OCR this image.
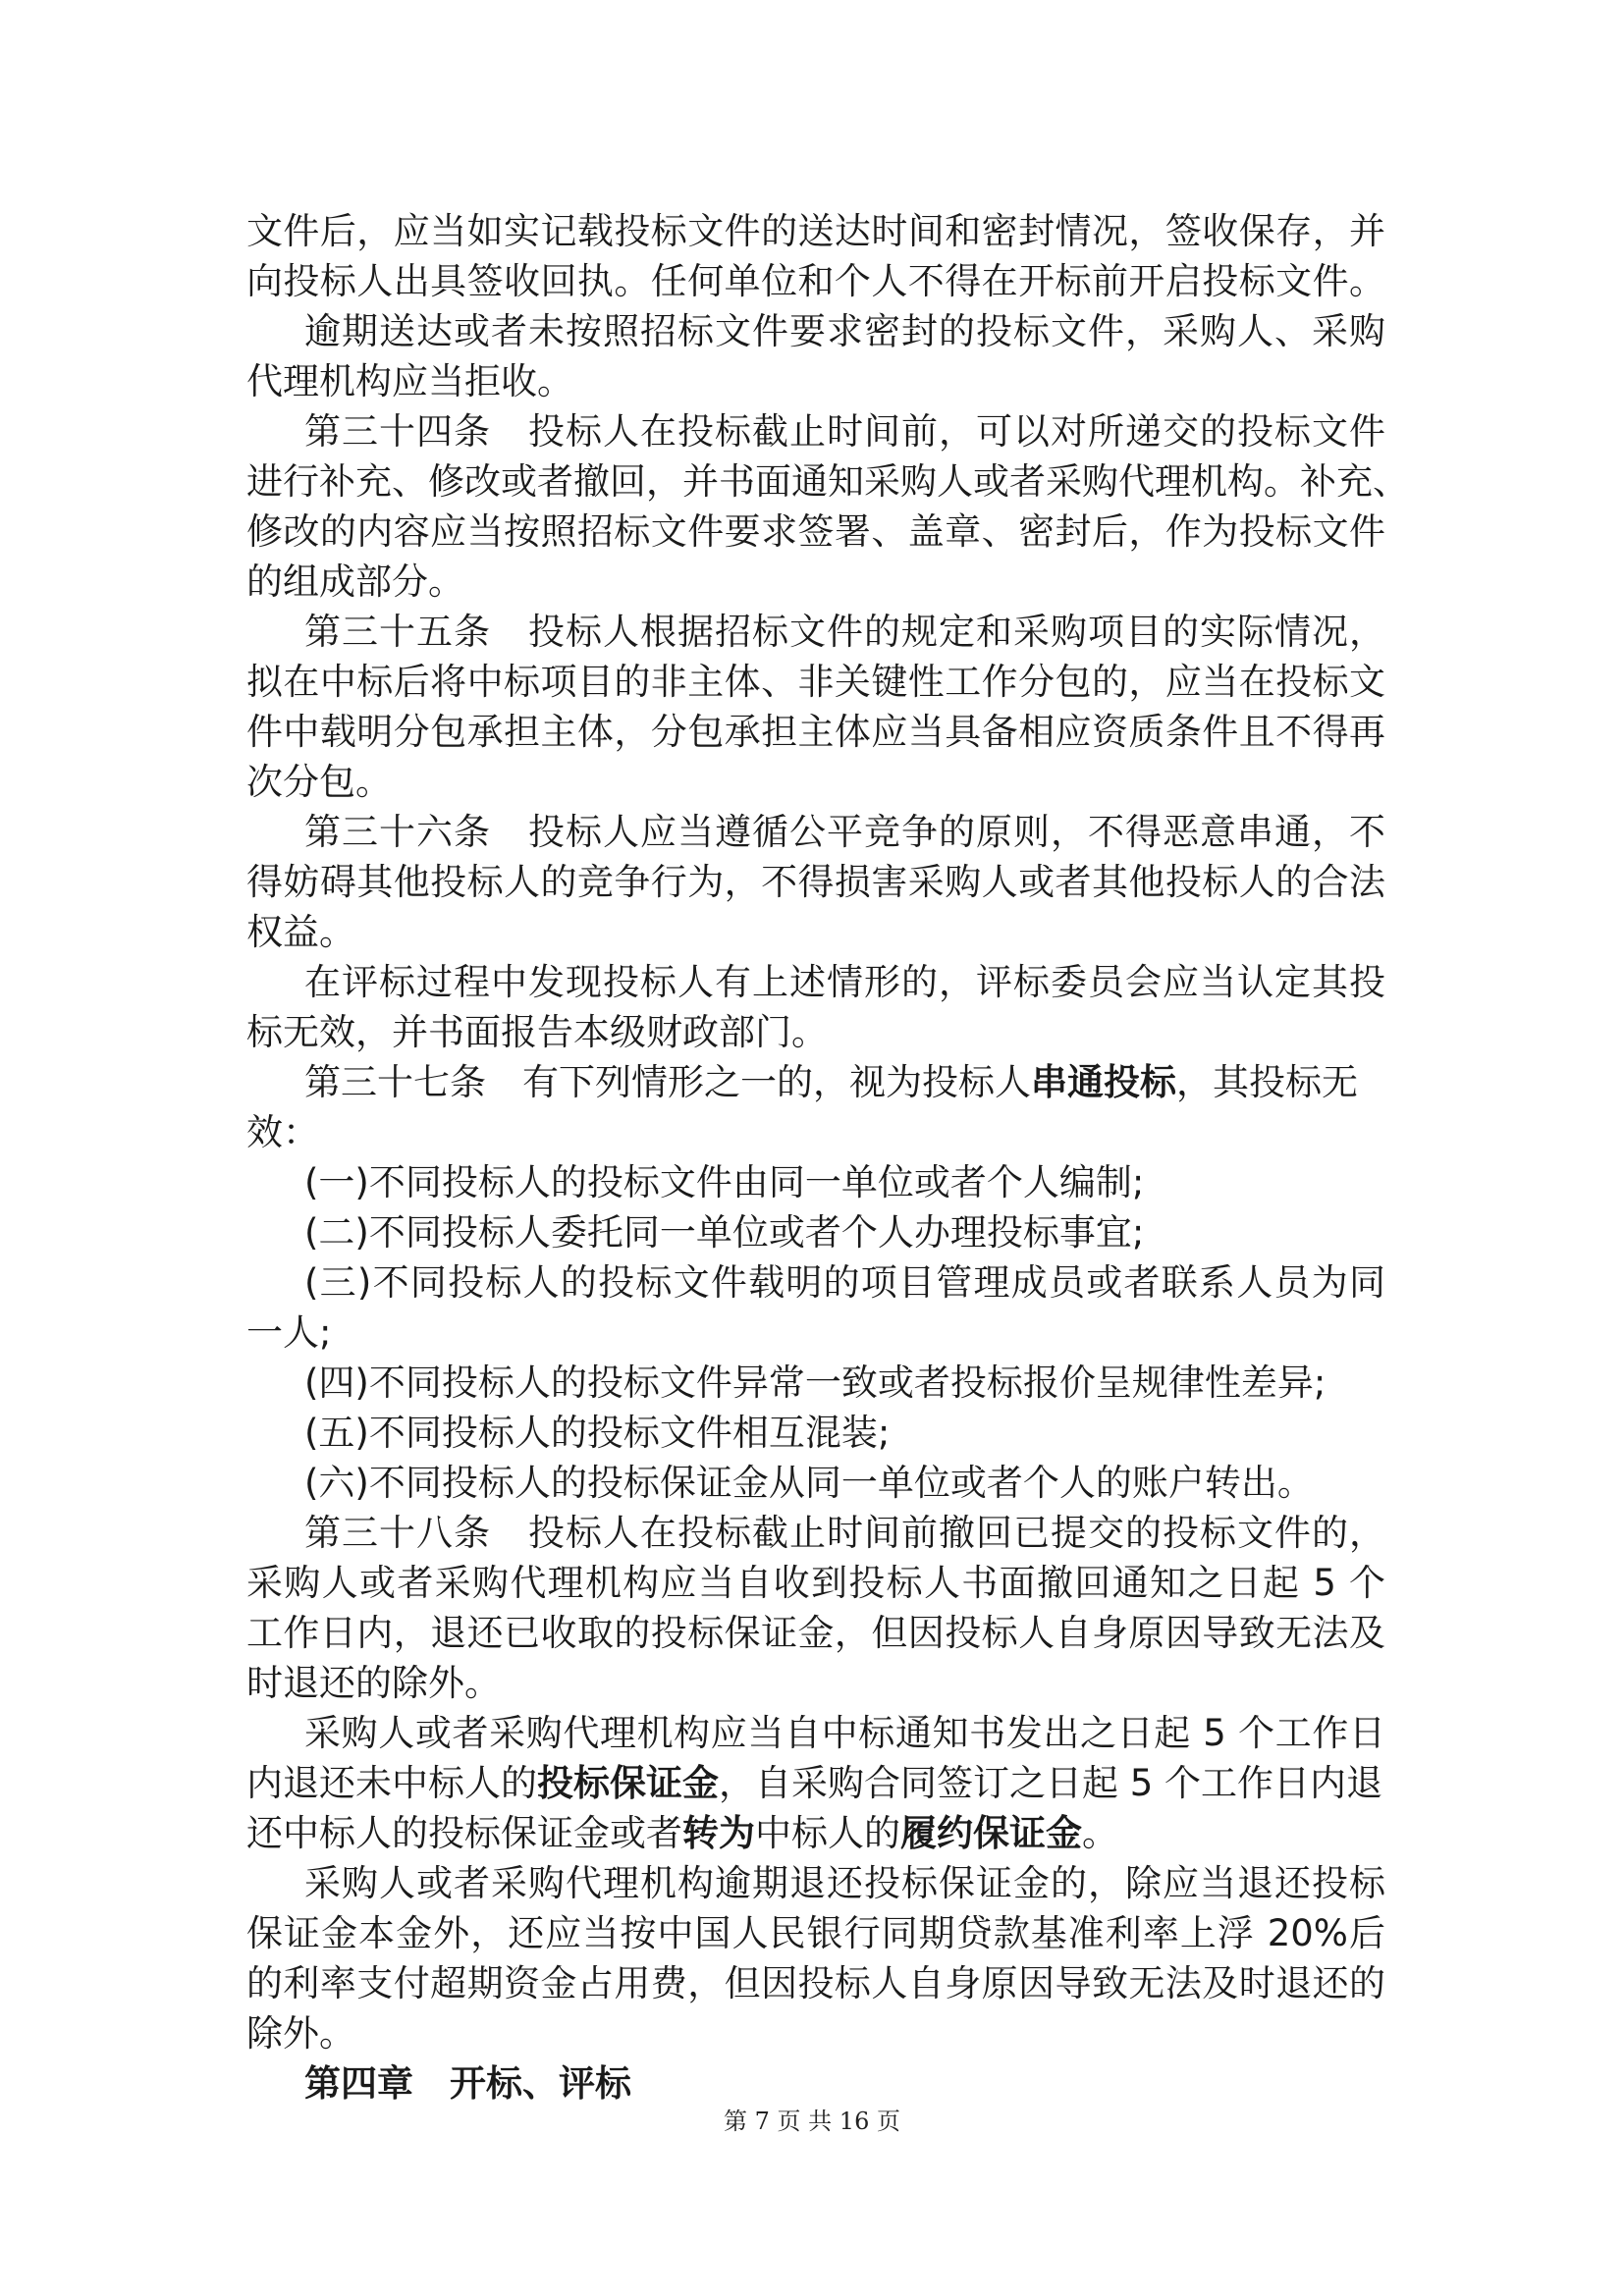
文件后，应当如实记载投标文件的送达时间和密封情况，签收保存，并
向投标人出具签收回执。任何单位和个人不得在开标前开启投标文件。
逾期送达或者未按照招标文件要求密封的投标文件，采购人、采购
代理机构应当拒收。
第三十四条　投标人在投标截止时间前，可以对所递交的投标文件
进行补充、修改或者撤回，并书面通知采购人或者采购代理机构。补充、
修改的内容应当按照招标文件要求签署、盖章、密封后，作为投标文件
的组成部分。
第三十五条　投标人根据招标文件的规定和采购项目的实际情况，
拟在中标后将中标项目的非主体、非关键性工作分包的，应当在投标文
件中载明分包承担主体，分包承担主体应当具备相应资质条件且不得再
次分包。
第三十六条　投标人应当遵循公平竞争的原则，不得恶意串通，不
得妨碍其他投标人的竞争行为，不得损害采购人或者其他投标人的合法
权益。
在评标过程中发现投标人有上述情形的，评标委员会应当认定其投
标无效，并书面报告本级财政部门。
第三十七条　有下列情形之一的，视为投标人串通投标，其投标无
效：
(一)不同投标人的投标文件由同一单位或者个人编制;
(二)不同投标人委托同一单位或者个人办理投标事宜;
(三)不同投标人的投标文件载明的项目管理成员或者联系人员为同
一人;
(四)不同投标人的投标文件异常一致或者投标报价呈规律性差异;
(五)不同投标人的投标文件相互混装;
(六)不同投标人的投标保证金从同一单位或者个人的账户转出。
第三十八条　投标人在投标截止时间前撤回已提交的投标文件的，
采购人或者采购代理机构应当自收到投标人书面撤回通知之日起 5 个
工作日内，退还已收取的投标保证金，但因投标人自身原因导致无法及
时退还的除外。
采购人或者采购代理机构应当自中标通知书发出之日起 5 个工作日
内退还未中标人的投标保证金，自采购合同签订之日起 5 个工作日内退
还中标人的投标保证金或者转为中标人的履约保证金。
采购人或者采购代理机构逾期退还投标保证金的，除应当退还投标
保证金本金外，还应当按中国人民银行同期贷款基准利率上浮 20%后
的利率支付超期资金占用费，但因投标人自身原因导致无法及时退还的
除外。
第四章　开标、评标
第 7 页 共 16 页
